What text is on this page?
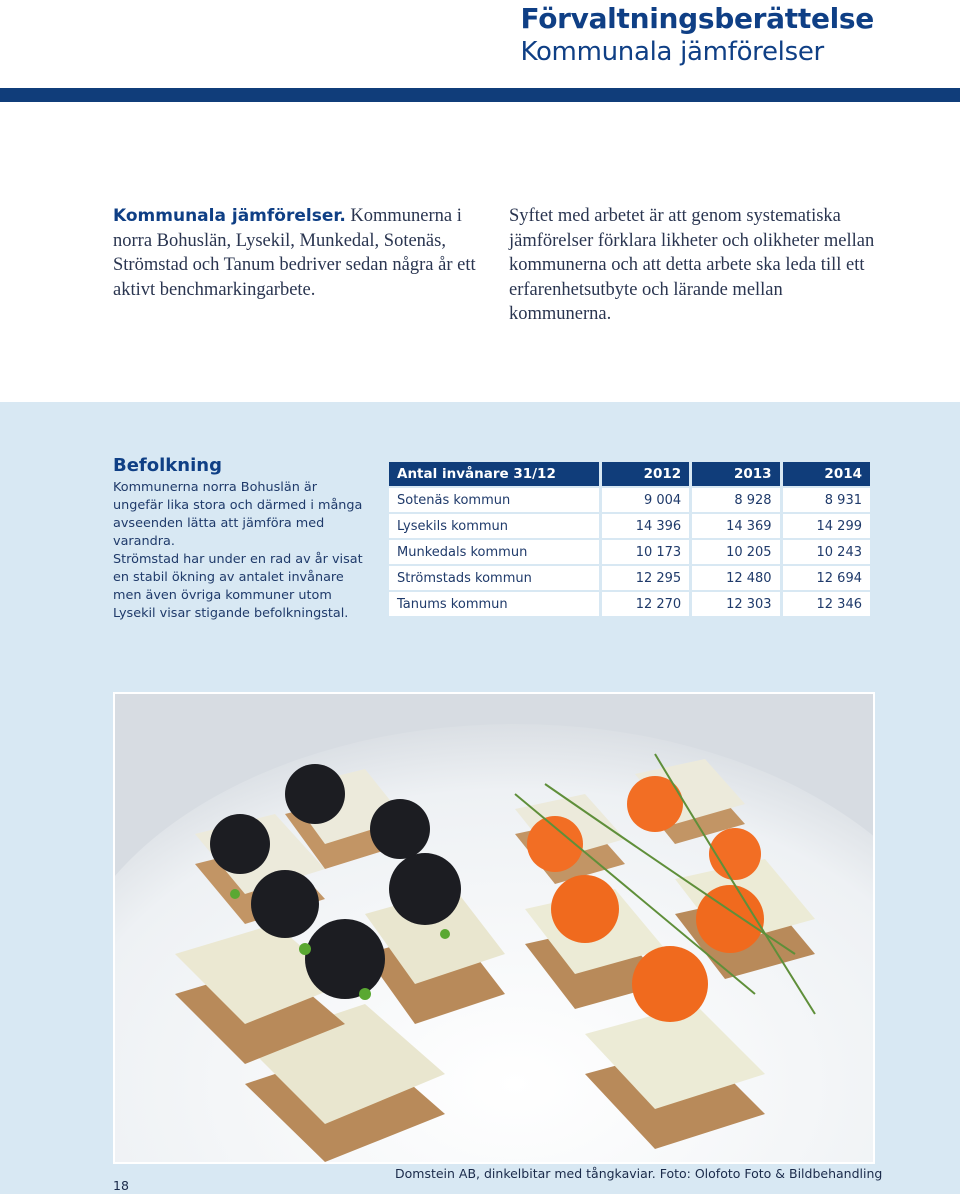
Förvaltningsberättelse
Kommunala jämförelser
Kommunala jämförelser. Kommunerna i norra Bohuslän, Lysekil, Munkedal, Sotenäs, Strömstad och Tanum bedriver sedan några år ett aktivt benchmarkingarbete.
Syftet med arbetet är att genom systematiska jämförelser förklara likheter och olikheter mellan kommunerna och att detta arbete ska leda till ett erfarenhetsutbyte och lärande mellan kommunerna.
Befolkning

Kommunerna norra Bohuslän är ungefär lika stora och därmed i många avseenden lätta att jämföra med varandra.

Strömstad har under en rad av år visat en stabil ökning av antalet invånare men även övriga kommuner utom Lysekil visar stigande befolkningstal.

Antal invånare 31/12	2012	2013	2014
Sotenäs kommun	9 004	8 928	8 931
Lysekils kommun	14 396	14 369	14 299
Munkedals kommun	10 173	10 205	10 243
Strömstads kommun	12 295	12 480	12 694
Tanums kommun	12 270	12 303	12 346
Domstein AB, dinkelbitar med tångkaviar. Foto: Olofoto Foto & Bildbehandling
18
